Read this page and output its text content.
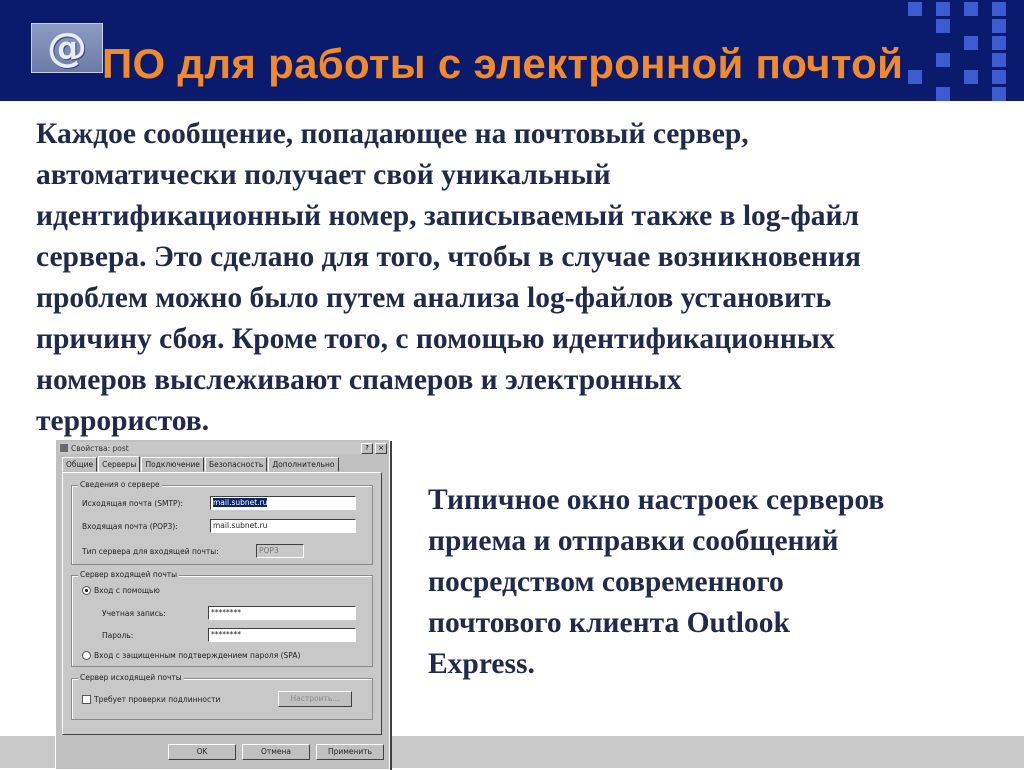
@ ПО для работы с электронной почтой

Каждое сообщение, попадающее на почтовый сервер,
автоматически получает свой уникальный
идентификационный номер, записываемый также в log-файл
сервера. Это сделано для того, чтобы в случае возникновения
проблем можно было путем анализа log-файлов установить
причину сбоя. Кроме того, с помощью идентификационных
номеров выслеживают спамеров и электронных
террористов.

Типичное окно настроек серверов
приема и отправки сообщений
посредством современного
почтового клиента Outlook
Express.

Свойства: post	?	×
Общие	Серверы	Подключение	Безопасность	Дополнительно
Сведения о сервере
Исходящая почта (SMTP):	mail.subnet.ru
Входящая почта (POP3):	mail.subnet.ru
Тип сервера для входящей почты:	POP3
Сервер входящей почты
Вход с помощью
Учетная запись:	********
Пароль:	********
Вход с защищенным подтверждением пароля (SPA)
Сервер исходящей почты
Требует проверки подлинности	Настроить...
OK	Отмена	Применить
